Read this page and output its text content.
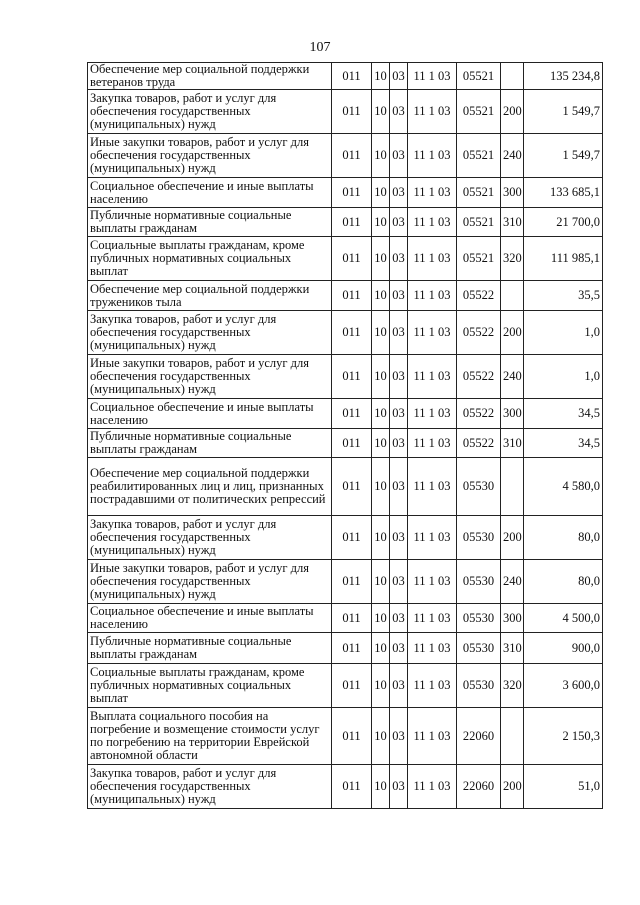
107
Обеспечение мер социальной поддержки ветеранов труда	011	10	03	11 1 03	05521		135 234,8
Закупка товаров, работ и услуг для обеспечения государственных (муниципальных) нужд	011	10	03	11 1 03	05521	200	1 549,7
Иные закупки товаров, работ и услуг для обеспечения государственных (муниципальных) нужд	011	10	03	11 1 03	05521	240	1 549,7
Социальное обеспечение и иные выплаты населению	011	10	03	11 1 03	05521	300	133 685,1
Публичные нормативные социальные выплаты гражданам	011	10	03	11 1 03	05521	310	21 700,0
Социальные выплаты гражданам, кроме публичных нормативных социальных выплат	011	10	03	11 1 03	05521	320	111 985,1
Обеспечение мер социальной поддержки тружеников тыла	011	10	03	11 1 03	05522		35,5
Закупка товаров, работ и услуг для обеспечения государственных (муниципальных) нужд	011	10	03	11 1 03	05522	200	1,0
Иные закупки товаров, работ и услуг для обеспечения государственных (муниципальных) нужд	011	10	03	11 1 03	05522	240	1,0
Социальное обеспечение и иные выплаты населению	011	10	03	11 1 03	05522	300	34,5
Публичные нормативные социальные выплаты гражданам	011	10	03	11 1 03	05522	310	34,5
Обеспечение мер социальной поддержки реабилитированных лиц и лиц, признанных пострадавшими от политических репрессий	011	10	03	11 1 03	05530		4 580,0
Закупка товаров, работ и услуг для обеспечения государственных (муниципальных) нужд	011	10	03	11 1 03	05530	200	80,0
Иные закупки товаров, работ и услуг для обеспечения государственных (муниципальных) нужд	011	10	03	11 1 03	05530	240	80,0
Социальное обеспечение и иные выплаты населению	011	10	03	11 1 03	05530	300	4 500,0
Публичные нормативные социальные выплаты гражданам	011	10	03	11 1 03	05530	310	900,0
Социальные выплаты гражданам, кроме публичных нормативных социальных выплат	011	10	03	11 1 03	05530	320	3 600,0
Выплата социального пособия на погребение и возмещение стоимости услуг по погребению на территории Еврейской автономной области	011	10	03	11 1 03	22060		2 150,3
Закупка товаров, работ и услуг для обеспечения государственных (муниципальных) нужд	011	10	03	11 1 03	22060	200	51,0
